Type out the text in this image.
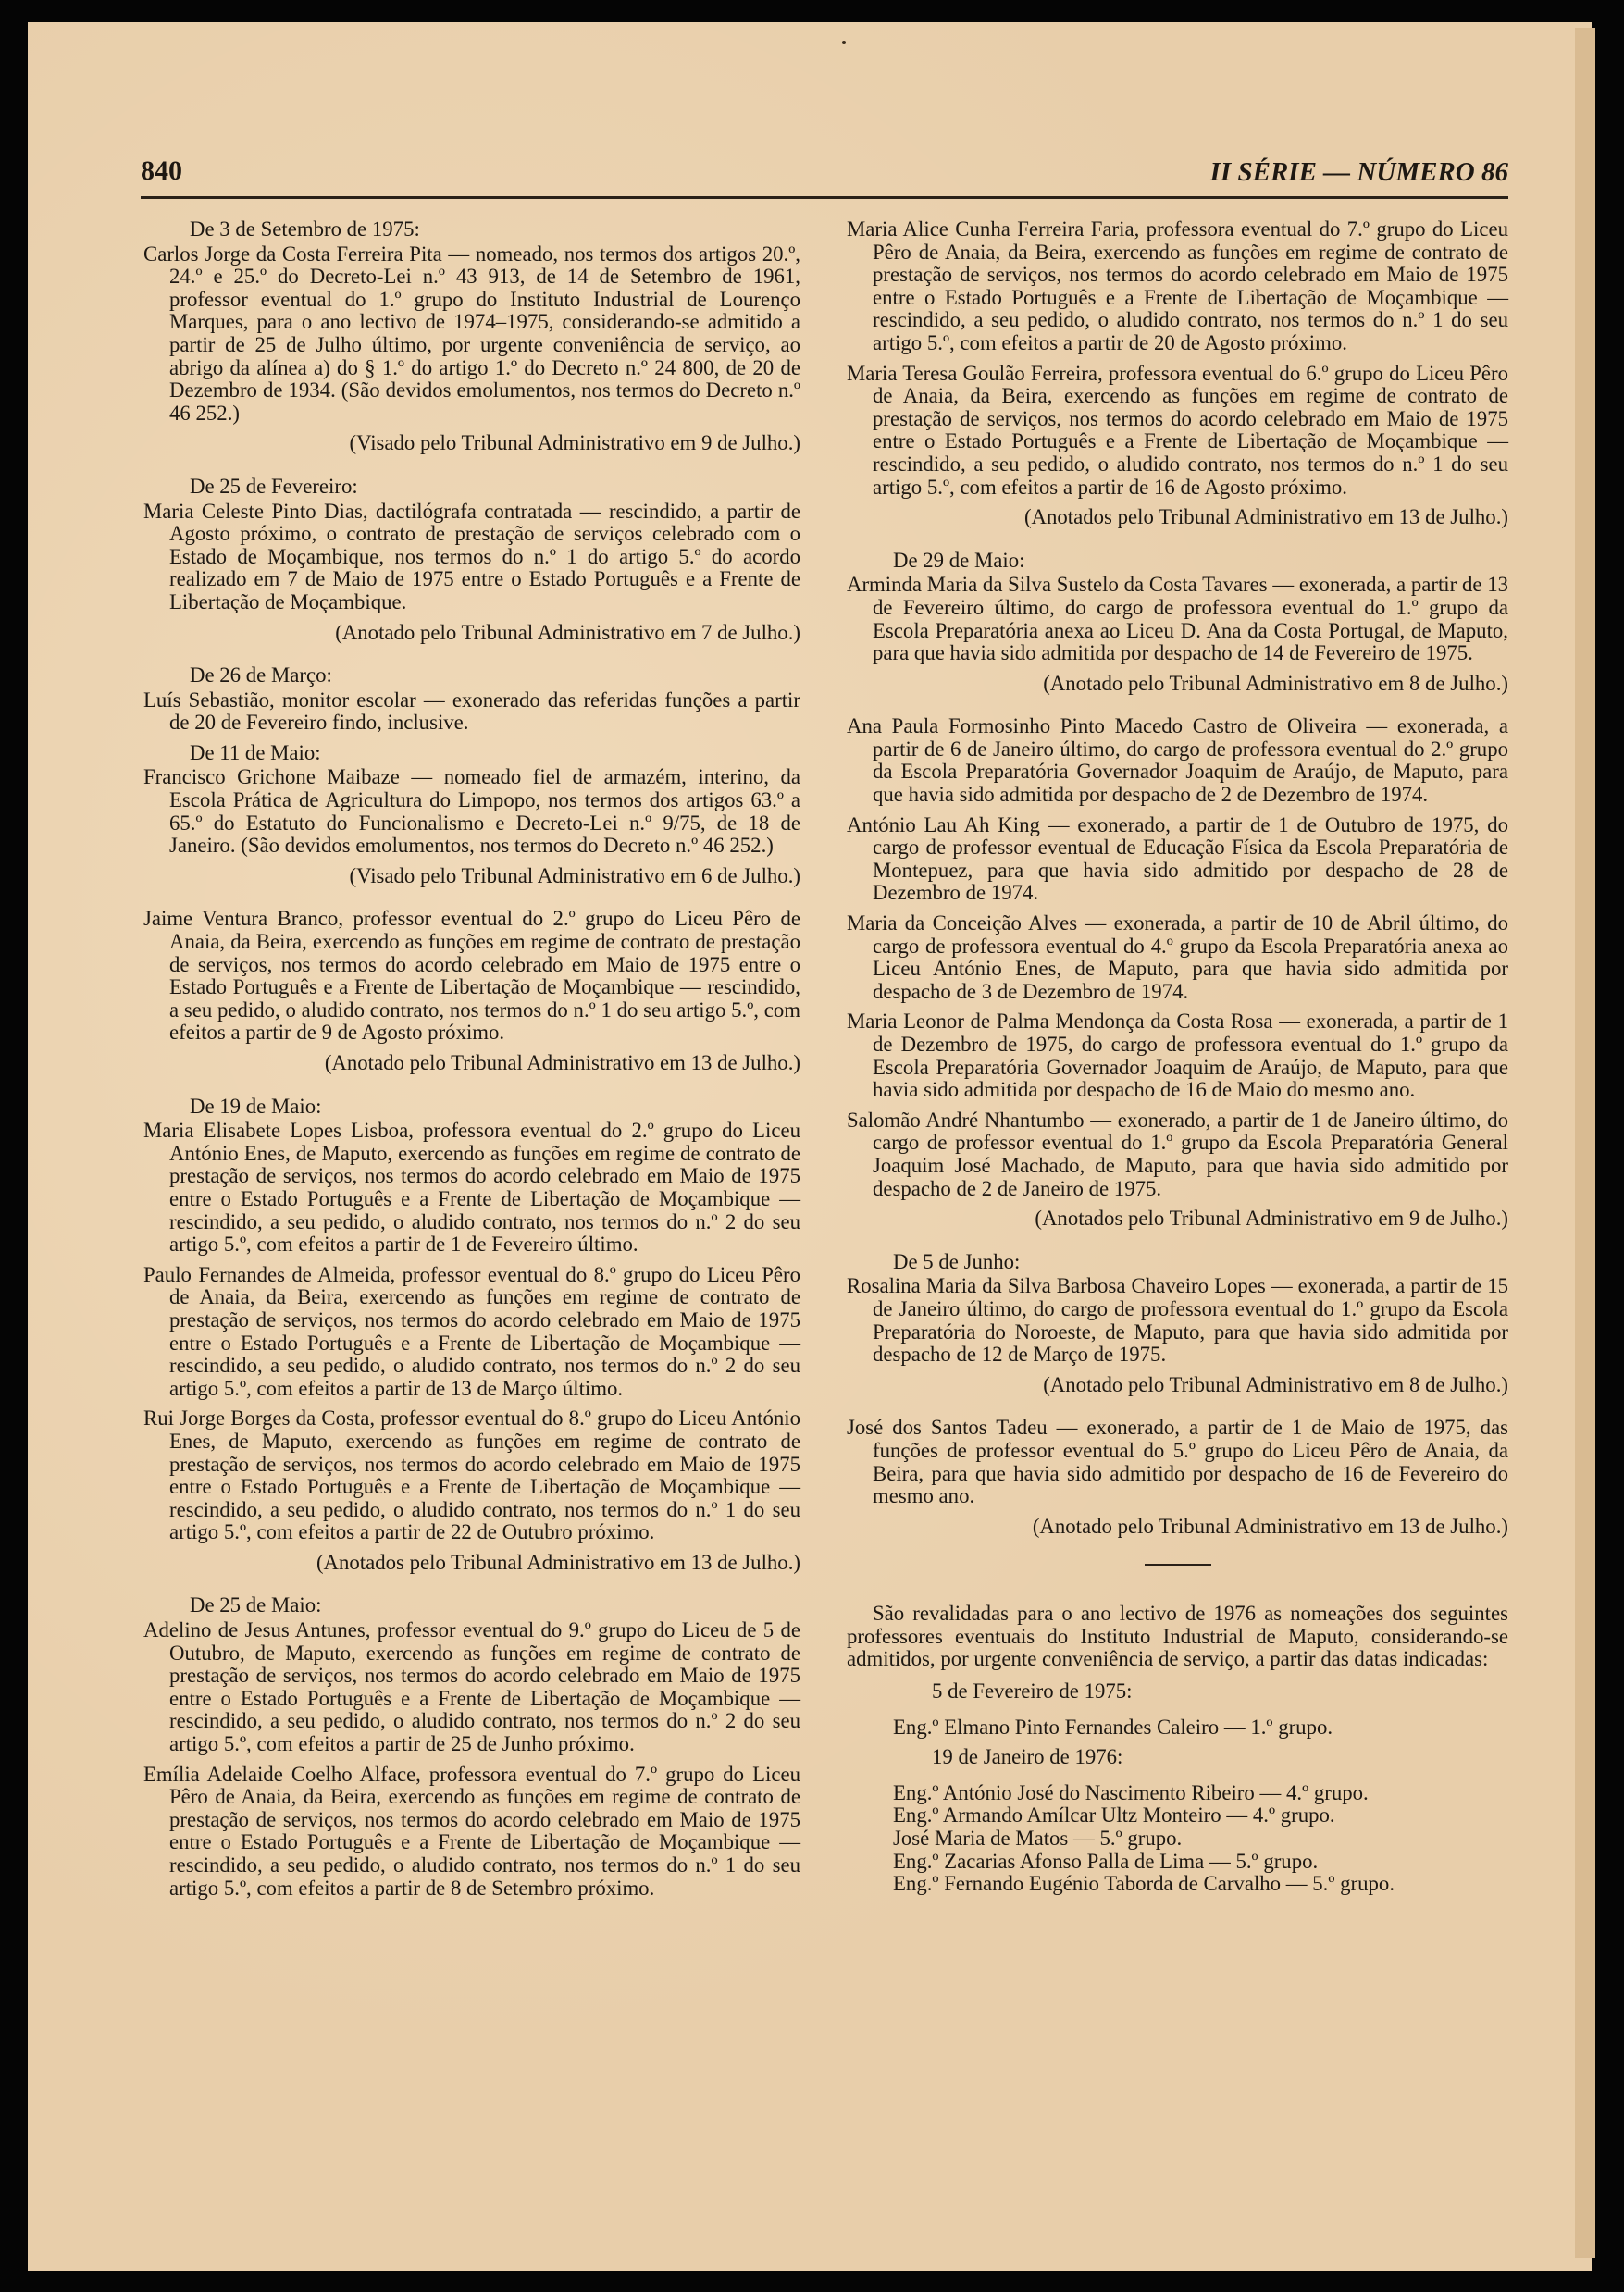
840	II SÉRIE — NÚMERO 86

De 3 de Setembro de 1975:

Carlos Jorge da Costa Ferreira Pita — nomeado, nos termos dos artigos 20.º, 24.º e 25.º do Decreto-Lei n.º 43 913, de 14 de Setembro de 1961, professor eventual do 1.º grupo do Instituto Industrial de Lourenço Marques, para o ano lectivo de 1974–1975, considerando-se admitido a partir de 25 de Julho último, por urgente conveniência de serviço, ao abrigo da alínea a) do § 1.º do artigo 1.º do Decreto n.º 24 800, de 20 de Dezembro de 1934. (São devidos emolumentos, nos termos do Decreto n.º 46 252.)

(Visado pelo Tribunal Administrativo em 9 de Julho.)

De 25 de Fevereiro:

Maria Celeste Pinto Dias, dactilógrafa contratada — rescindido, a partir de Agosto próximo, o contrato de prestação de serviços celebrado com o Estado de Moçambique, nos termos do n.º 1 do artigo 5.º do acordo realizado em 7 de Maio de 1975 entre o Estado Português e a Frente de Libertação de Moçambique.

(Anotado pelo Tribunal Administrativo em 7 de Julho.)

De 26 de Março:

Luís Sebastião, monitor escolar — exonerado das referidas funções a partir de 20 de Fevereiro findo, inclusive.

De 11 de Maio:

Francisco Grichone Maibaze — nomeado fiel de armazém, interino, da Escola Prática de Agricultura do Limpopo, nos termos dos artigos 63.º a 65.º do Estatuto do Funcionalismo e Decreto-Lei n.º 9/75, de 18 de Janeiro. (São devidos emolumentos, nos termos do Decreto n.º 46 252.)

(Visado pelo Tribunal Administrativo em 6 de Julho.)

Jaime Ventura Branco, professor eventual do 2.º grupo do Liceu Pêro de Anaia, da Beira, exercendo as funções em regime de contrato de prestação de serviços, nos termos do acordo celebrado em Maio de 1975 entre o Estado Português e a Frente de Libertação de Moçambique — rescindido, a seu pedido, o aludido contrato, nos termos do n.º 1 do seu artigo 5.º, com efeitos a partir de 9 de Agosto próximo.

(Anotado pelo Tribunal Administrativo em 13 de Julho.)

De 19 de Maio:

Maria Elisabete Lopes Lisboa, professora eventual do 2.º grupo do Liceu António Enes, de Maputo, exercendo as funções em regime de contrato de prestação de serviços, nos termos do acordo celebrado em Maio de 1975 entre o Estado Português e a Frente de Libertação de Moçambique — rescindido, a seu pedido, o aludido contrato, nos termos do n.º 2 do seu artigo 5.º, com efeitos a partir de 1 de Fevereiro último.

Paulo Fernandes de Almeida, professor eventual do 8.º grupo do Liceu Pêro de Anaia, da Beira, exercendo as funções em regime de contrato de prestação de serviços, nos termos do acordo celebrado em Maio de 1975 entre o Estado Português e a Frente de Libertação de Moçambique — rescindido, a seu pedido, o aludido contrato, nos termos do n.º 2 do seu artigo 5.º, com efeitos a partir de 13 de Março último.

Rui Jorge Borges da Costa, professor eventual do 8.º grupo do Liceu António Enes, de Maputo, exercendo as funções em regime de contrato de prestação de serviços, nos termos do acordo celebrado em Maio de 1975 entre o Estado Português e a Frente de Libertação de Moçambique — rescindido, a seu pedido, o aludido contrato, nos termos do n.º 1 do seu artigo 5.º, com efeitos a partir de 22 de Outubro próximo.

(Anotados pelo Tribunal Administrativo em 13 de Julho.)

De 25 de Maio:

Adelino de Jesus Antunes, professor eventual do 9.º grupo do Liceu de 5 de Outubro, de Maputo, exercendo as funções em regime de contrato de prestação de serviços, nos termos do acordo celebrado em Maio de 1975 entre o Estado Português e a Frente de Libertação de Moçambique — rescindido, a seu pedido, o aludido contrato, nos termos do n.º 2 do seu artigo 5.º, com efeitos a partir de 25 de Junho próximo.

Emília Adelaide Coelho Alface, professora eventual do 7.º grupo do Liceu Pêro de Anaia, da Beira, exercendo as funções em regime de contrato de prestação de serviços, nos termos do acordo celebrado em Maio de 1975 entre o Estado Português e a Frente de Libertação de Moçambique — rescindido, a seu pedido, o aludido contrato, nos termos do n.º 1 do seu artigo 5.º, com efeitos a partir de 8 de Setembro próximo.

Maria Alice Cunha Ferreira Faria, professora eventual do 7.º grupo do Liceu Pêro de Anaia, da Beira, exercendo as funções em regime de contrato de prestação de serviços, nos termos do acordo celebrado em Maio de 1975 entre o Estado Português e a Frente de Libertação de Moçambique — rescindido, a seu pedido, o aludido contrato, nos termos do n.º 1 do seu artigo 5.º, com efeitos a partir de 20 de Agosto próximo.

Maria Teresa Goulão Ferreira, professora eventual do 6.º grupo do Liceu Pêro de Anaia, da Beira, exercendo as funções em regime de contrato de prestação de serviços, nos termos do acordo celebrado em Maio de 1975 entre o Estado Português e a Frente de Libertação de Moçambique — rescindido, a seu pedido, o aludido contrato, nos termos do n.º 1 do seu artigo 5.º, com efeitos a partir de 16 de Agosto próximo.

(Anotados pelo Tribunal Administrativo em 13 de Julho.)

De 29 de Maio:

Arminda Maria da Silva Sustelo da Costa Tavares — exonerada, a partir de 13 de Fevereiro último, do cargo de professora eventual do 1.º grupo da Escola Preparatória anexa ao Liceu D. Ana da Costa Portugal, de Maputo, para que havia sido admitida por despacho de 14 de Fevereiro de 1975.

(Anotado pelo Tribunal Administrativo em 8 de Julho.)

Ana Paula Formosinho Pinto Macedo Castro de Oliveira — exonerada, a partir de 6 de Janeiro último, do cargo de professora eventual do 2.º grupo da Escola Preparatória Governador Joaquim de Araújo, de Maputo, para que havia sido admitida por despacho de 2 de Dezembro de 1974.

António Lau Ah King — exonerado, a partir de 1 de Outubro de 1975, do cargo de professor eventual de Educação Física da Escola Preparatória de Montepuez, para que havia sido admitido por despacho de 28 de Dezembro de 1974.

Maria da Conceição Alves — exonerada, a partir de 10 de Abril último, do cargo de professora eventual do 4.º grupo da Escola Preparatória anexa ao Liceu António Enes, de Maputo, para que havia sido admitida por despacho de 3 de Dezembro de 1974.

Maria Leonor de Palma Mendonça da Costa Rosa — exonerada, a partir de 1 de Dezembro de 1975, do cargo de professora eventual do 1.º grupo da Escola Preparatória Governador Joaquim de Araújo, de Maputo, para que havia sido admitida por despacho de 16 de Maio do mesmo ano.

Salomão André Nhantumbo — exonerado, a partir de 1 de Janeiro último, do cargo de professor eventual do 1.º grupo da Escola Preparatória General Joaquim José Machado, de Maputo, para que havia sido admitido por despacho de 2 de Janeiro de 1975.

(Anotados pelo Tribunal Administrativo em 9 de Julho.)

De 5 de Junho:

Rosalina Maria da Silva Barbosa Chaveiro Lopes — exonerada, a partir de 15 de Janeiro último, do cargo de professora eventual do 1.º grupo da Escola Preparatória do Noroeste, de Maputo, para que havia sido admitida por despacho de 12 de Março de 1975.

(Anotado pelo Tribunal Administrativo em 8 de Julho.)

José dos Santos Tadeu — exonerado, a partir de 1 de Maio de 1975, das funções de professor eventual do 5.º grupo do Liceu Pêro de Anaia, da Beira, para que havia sido admitido por despacho de 16 de Fevereiro do mesmo ano.

(Anotado pelo Tribunal Administrativo em 13 de Julho.)

São revalidadas para o ano lectivo de 1976 as nomeações dos seguintes professores eventuais do Instituto Industrial de Maputo, considerando-se admitidos, por urgente conveniência de serviço, a partir das datas indicadas:

5 de Fevereiro de 1975:

Eng.º Elmano Pinto Fernandes Caleiro — 1.º grupo.

19 de Janeiro de 1976:

Eng.º António José do Nascimento Ribeiro — 4.º grupo.

Eng.º Armando Amílcar Ultz Monteiro — 4.º grupo.

José Maria de Matos — 5.º grupo.

Eng.º Zacarias Afonso Palla de Lima — 5.º grupo.

Eng.º Fernando Eugénio Taborda de Carvalho — 5.º grupo.
